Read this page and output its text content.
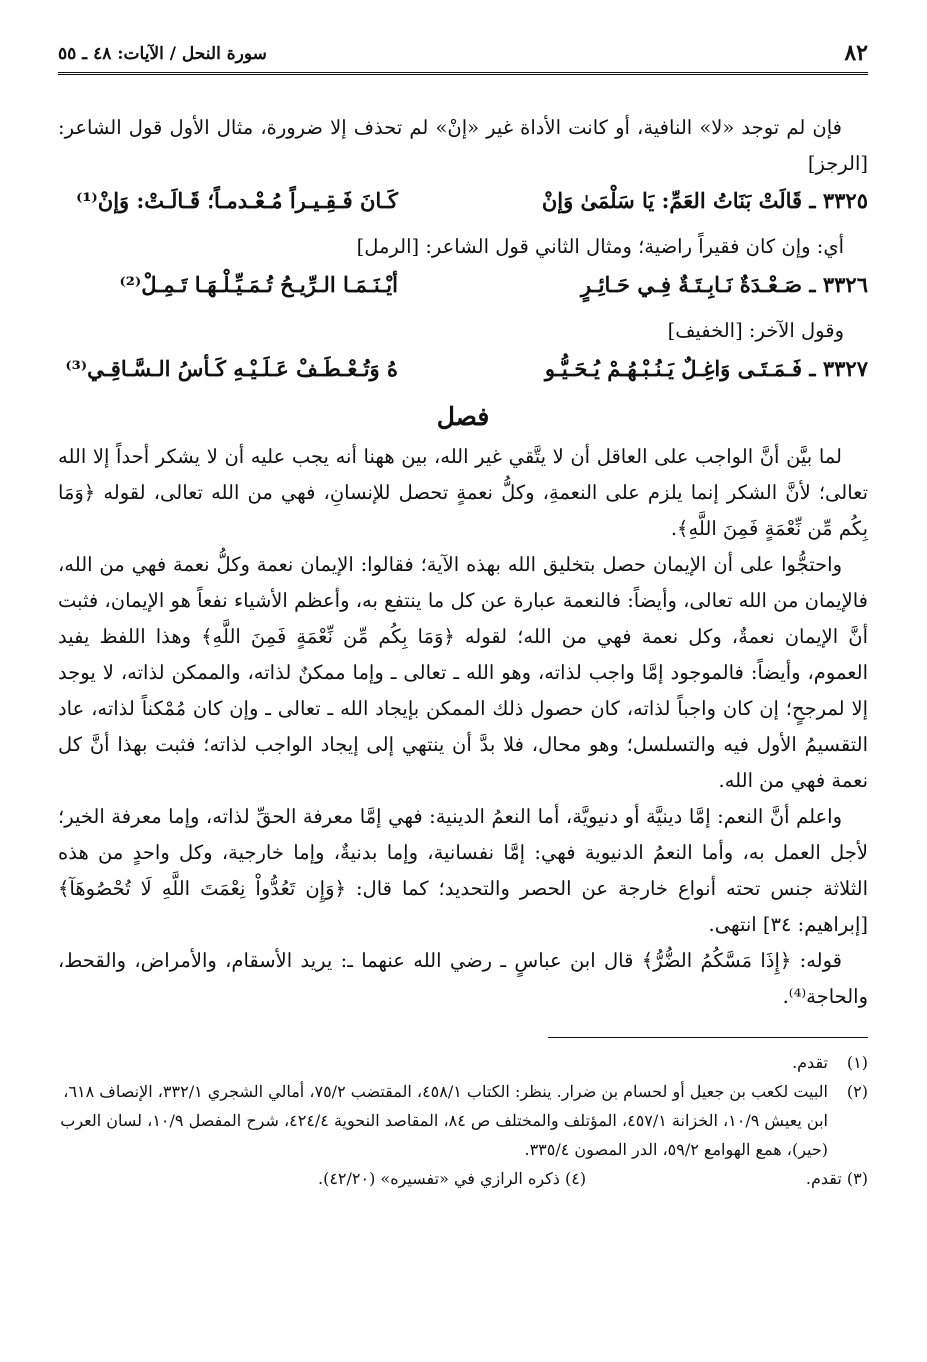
٨٢
سورة النحل / الآيات: ٤٨ ـ ٥٥

فإن لم توجد «لا» النافية، أو كانت الأداة غير «إنْ» لم تحذف إلا ضرورة، مثال الأول قول الشاعر: [الرجز]

٣٣٢٥ ـ قَالَتْ بَنَاتُ العَمِّ: يَا سَلْمَىٰ وَإنْ
كَـانَ فَـقِـيـراً مُـعْـدمـاً؛ قَـالَـتْ: وَإنْ⁽¹⁾

أي: وإن كان فقيراً راضية؛ ومثال الثاني قول الشاعر: [الرمل]

٣٣٢٦ ـ صَـعْـدَةٌ نَـابِـتَـةٌ فِـي حَـائِـرٍ
أيْـنَـمَـا الـرِّيـحُ تُـمَـيِّـلْـهَـا تَـمِـلْ⁽²⁾

وقول الآخر: [الخفيف]

٣٣٢٧ ـ فَـمَـتَـى وَاغِـلٌ يَـنُـبْـهُـمْ يُـحَـيُّـو
هُ وَتُـعْـطَـفْ عَـلَـيْـهِ كَـأسُ الـسَّـاقِـي⁽³⁾
فصل

لما بيَّن أنَّ الواجب على العاقل أن لا يتَّقي غير الله، بين ههنا أنه يجب عليه أن لا يشكر أحداً إلا الله تعالى؛ لأنَّ الشكر إنما يلزم على النعمةِ، وكلُّ نعمةٍ تحصل للإنسانِ، فهي من الله تعالى، لقوله ﴿وَمَا بِكُم مِّن نِّعْمَةٍ فَمِنَ اللَّهِ﴾.

واحتجُّوا على أن الإيمان حصل بتخليق الله بهذه الآية؛ فقالوا: الإيمان نعمة وكلُّ نعمة فهي من الله، فالإيمان من الله تعالى، وأيضاً: فالنعمة عبارة عن كل ما ينتفع به، وأعظم الأشياء نفعاً هو الإيمان، فثبت أنَّ الإيمان نعمةٌ، وكل نعمة فهي من الله؛ لقوله ﴿وَمَا بِكُم مِّن نِّعْمَةٍ فَمِنَ اللَّهِ﴾ وهذا اللفظ يفيد العموم، وأيضاً: فالموجود إمَّا واجب لذاته، وهو الله ـ تعالى ـ وإما ممكنٌ لذاته، والممكن لذاته، لا يوجد إلا لمرجحٍ؛ إن كان واجباً لذاته، كان حصول ذلك الممكن بإيجاد الله ـ تعالى ـ وإن كان مُمْكناً لذاته، عاد التقسيمُ الأول فيه والتسلسل؛ وهو محال، فلا بدَّ أن ينتهي إلى إيجاد الواجب لذاته؛ فثبت بهذا أنَّ كل نعمة فهي من الله.

واعلم أنَّ النعم: إمَّا دينيَّة أو دنيويَّة، أما النعمُ الدينية: فهي إمَّا معرفة الحقِّ لذاته، وإما معرفة الخير؛ لأجل العمل به، وأما النعمُ الدنيوية فهي: إمَّا نفسانية، وإما بدنيةٌ، وإما خارجية، وكل واحدٍ من هذه الثلاثة جنس تحته أنواع خارجة عن الحصر والتحديد؛ كما قال: ﴿وَإِن تَعُدُّواْ نِعْمَتَ اللَّهِ لَا تُحْصُوهَآ﴾ [إبراهيم: ٣٤] انتهى.

قوله: ﴿إِذَا مَسَّكُمُ الضُّرُّ﴾ قال ابن عباسٍ ـ رضي الله عنهما ـ: يريد الأسقام، والأمراض، والقحط، والحاجة⁽⁴⁾.

(١)
تقدم.

(٢)
البيت لكعب بن جعيل أو لحسام بن ضرار. ينظر: الكتاب ٤٥٨/١، المقتضب ٧٥/٢، أمالي الشجري ٣٣٢/١، الإنصاف ٦١٨، ابن يعيش ١٠/٩، الخزانة ٤٥٧/١، المؤتلف والمختلف ص ٨٤، المقاصد النحوية ٤٢٤/٤، شرح المفصل ١٠/٩، لسان العرب (حير)، همع الهوامع ٥٩/٢، الدر المصون ٣٣٥/٤.

(٣) تقدم.
(٤) ذكره الرازي في «تفسيره» (٤٢/٢٠).
